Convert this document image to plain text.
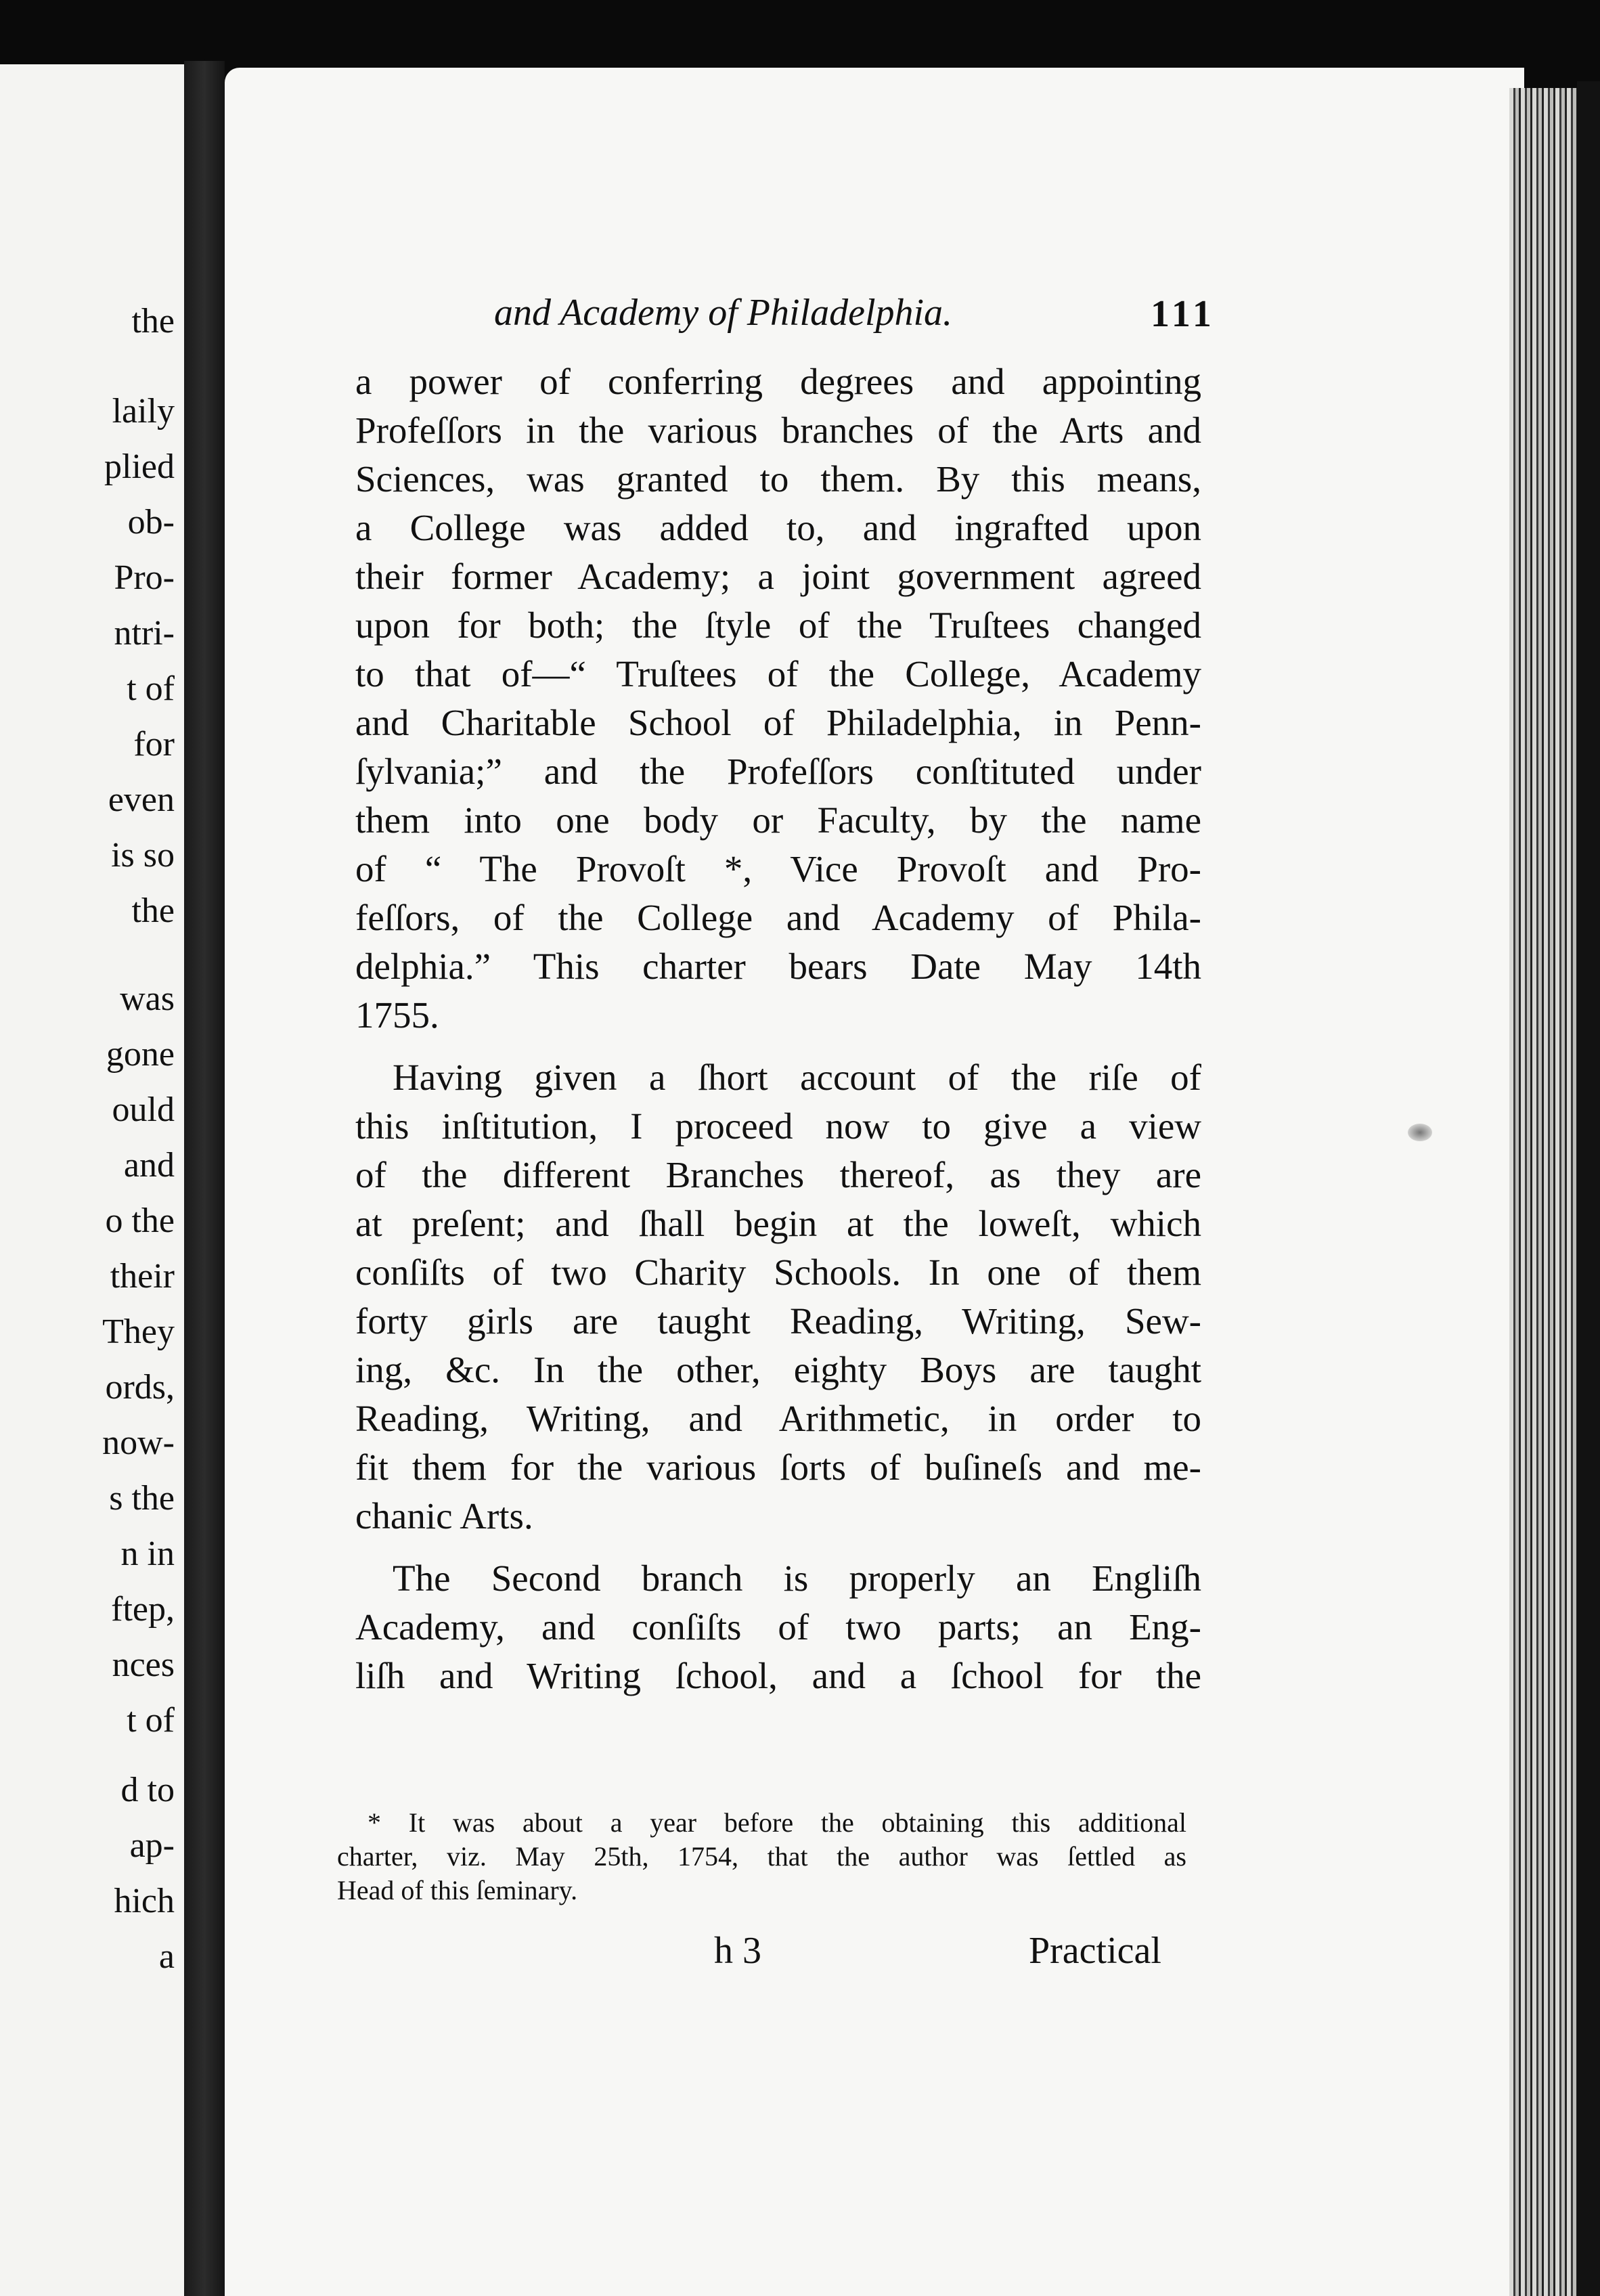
the
laily
plied
ob-
Pro-
ntri-
t of
for
even
is so
the
was
gone
ould
and
o the
their
They
ords,
now-
s the
n in
ftep,
nces
t of
d to
ap-
hich
a
and Academy of Philadelphia.	111
a power of conferring degrees and appointing
Profeſſors in the various branches of the Arts and
Sciences, was granted to them. By this means,
a College was added to, and ingrafted upon
their former Academy; a joint government agreed
upon for both; the ſtyle of the Truſtees changed
to that of—“ Truſtees of the College, Academy
and Charitable School of Philadelphia, in Penn-
ſylvania;” and the Profeſſors conſtituted under
them into one body or Faculty, by the name
of “ The Provoſt *, Vice Provoſt and Pro-
feſſors, of the College and Academy of Phila-
delphia.” This charter bears Date May 14th
1755.
Having given a ſhort account of the riſe of
this inſtitution, I proceed now to give a view
of the different Branches thereof, as they are
at preſent; and ſhall begin at the loweſt, which
conſiſts of two Charity Schools. In one of them
forty girls are taught Reading, Writing, Sew-
ing, &c. In the other, eighty Boys are taught
Reading, Writing, and Arithmetic, in order to
fit them for the various ſorts of buſineſs and me-
chanic Arts.
The Second branch is properly an Engliſh
Academy, and conſiſts of two parts; an Eng-
liſh and Writing ſchool, and a ſchool for the
* It was about a year before the obtaining this additional
charter, viz. May 25th, 1754, that the author was ſettled as
Head of this ſeminary.
h 3	Practical
